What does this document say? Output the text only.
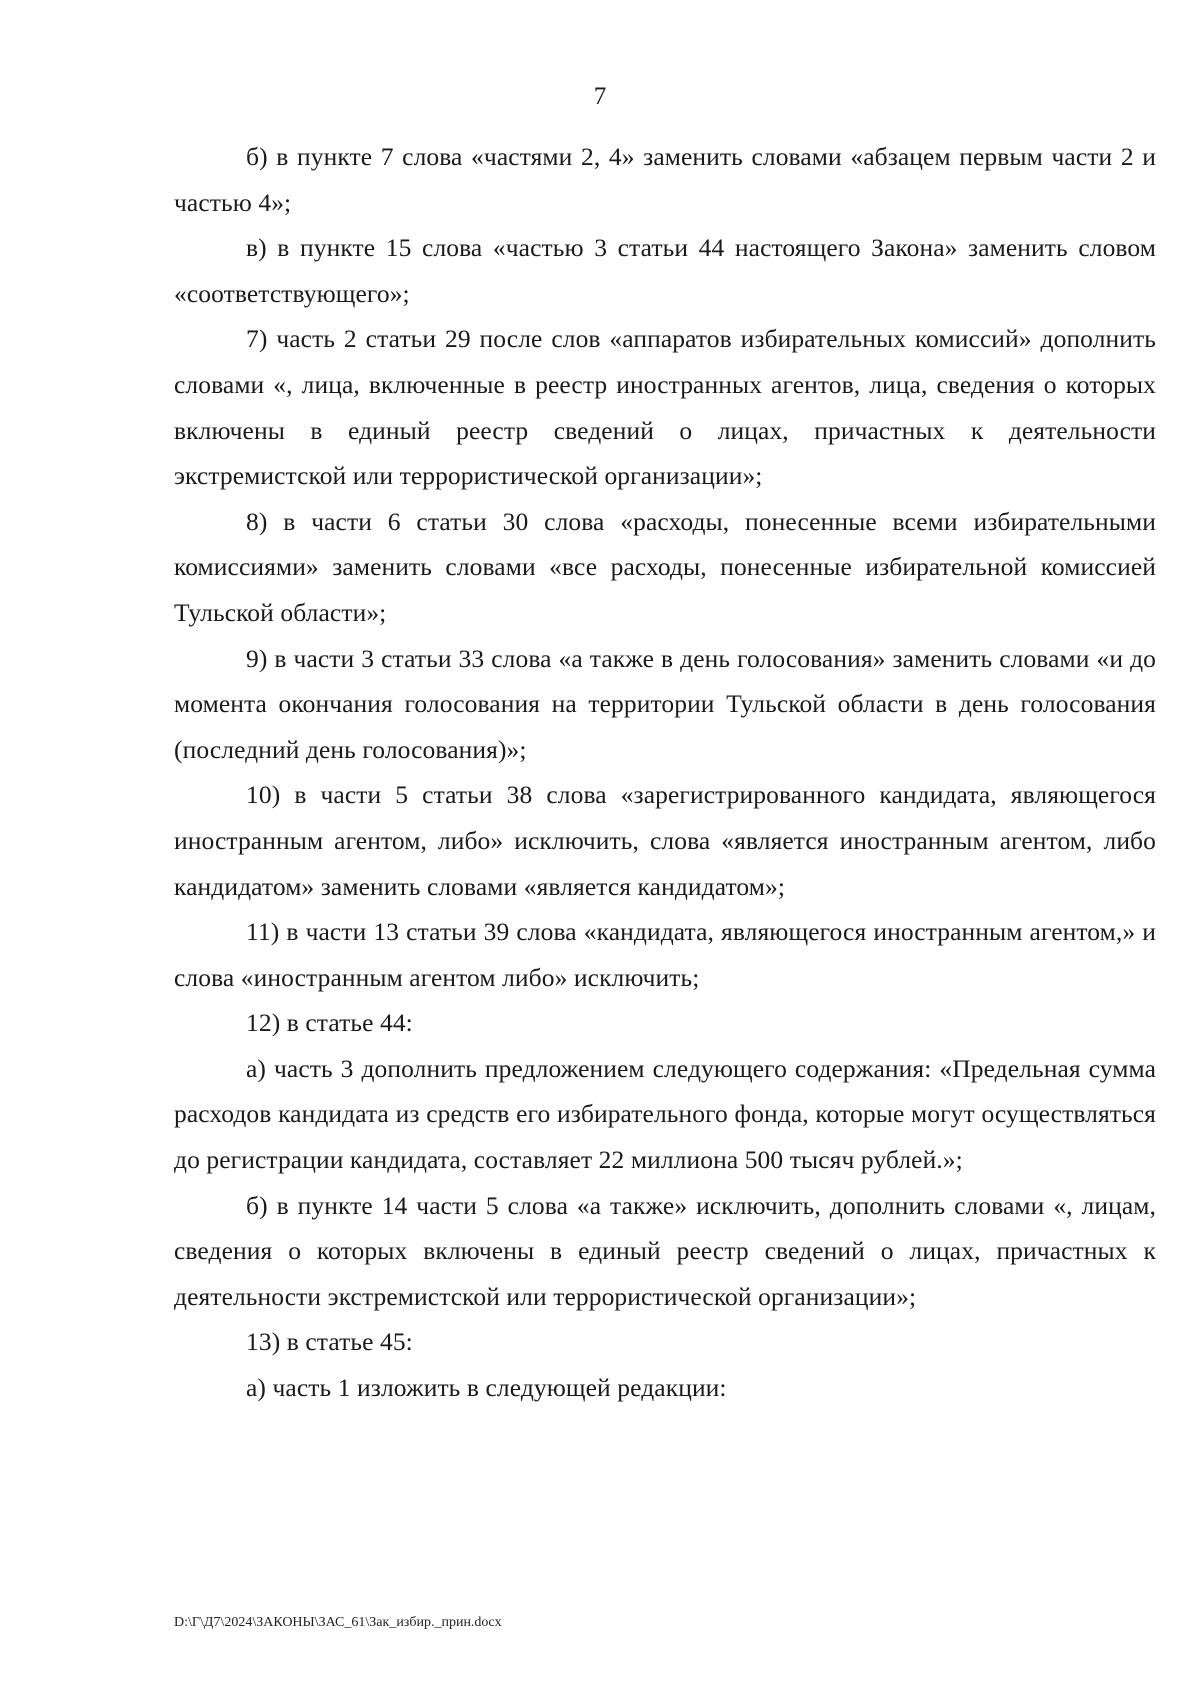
7

б) в пункте 7 слова «частями 2, 4» заменить словами «абзацем первым части 2 и частью 4»;

в) в пункте 15 слова «частью 3 статьи 44 настоящего Закона» заменить словом «соответствующего»;

7) часть 2 статьи 29 после слов «аппаратов избирательных комиссий» дополнить словами «, лица, включенные в реестр иностранных агентов, лица, сведения о которых включены в единый реестр сведений о лицах, причастных к деятельности экстремистской или террористической организации»;

8) в части 6 статьи 30 слова «расходы, понесенные всеми избирательными комиссиями» заменить словами «все расходы, понесенные избирательной комиссией Тульской области»;

9) в части 3 статьи 33 слова «а также в день голосования» заменить словами «и до момента окончания голосования на территории Тульской области в день голосования (последний день голосования)»;

10) в части 5 статьи 38 слова «зарегистрированного кандидата, являющегося иностранным агентом, либо» исключить, слова «является иностранным агентом, либо кандидатом» заменить словами «является кандидатом»;

11) в части 13 статьи 39 слова «кандидата, являющегося иностранным агентом,» и слова «иностранным агентом либо» исключить;

12) в статье 44:

а) часть 3 дополнить предложением следующего содержания: «Предельная сумма расходов кандидата из средств его избирательного фонда, которые могут осуществляться до регистрации кандидата, составляет 22 миллиона 500 тысяч рублей.»;

б) в пункте 14 части 5 слова «а также» исключить, дополнить словами «, лицам, сведения о которых включены в единый реестр сведений о лицах, причастных к деятельности экстремистской или террористической организации»;

13) в статье 45:

а) часть 1 изложить в следующей редакции:

D:\Г\Д7\2024\ЗАКОНЫ\ЗАС_61\Зак_избир._прин.docx
